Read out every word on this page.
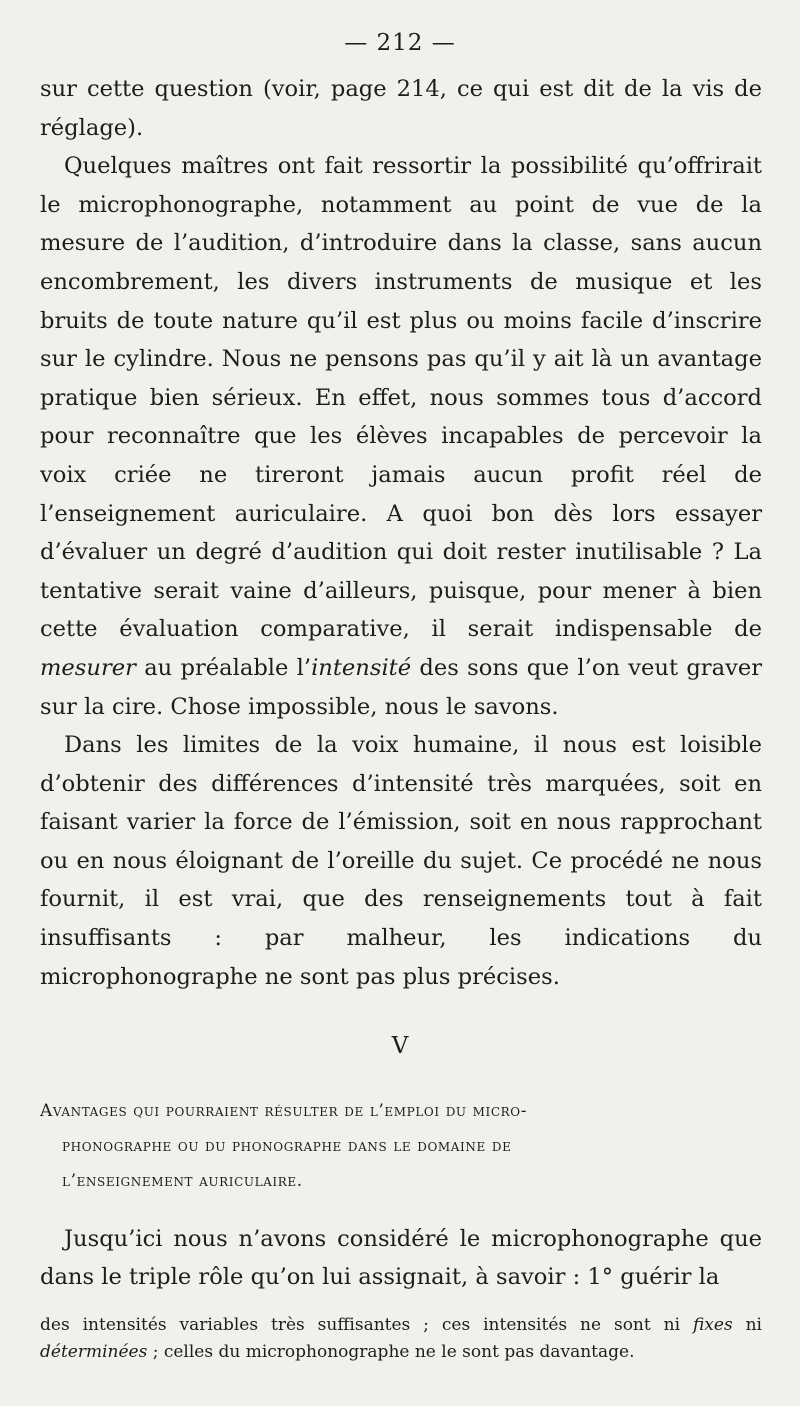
— 212 —

sur cette question (voir, page 214, ce qui est dit de la vis de réglage).

Quelques maîtres ont fait ressortir la possibilité qu’offrirait le microphonographe, notamment au point de vue de la mesure de l’audition, d’introduire dans la classe, sans aucun encombrement, les divers instruments de musique et les bruits de toute nature qu’il est plus ou moins facile d’inscrire sur le cylindre. Nous ne pensons pas qu’il y ait là un avantage pratique bien sérieux. En effet, nous sommes tous d’accord pour reconnaître que les élèves incapables de percevoir la voix criée ne tireront jamais aucun profit réel de l’enseignement auriculaire. A quoi bon dès lors essayer d’évaluer un degré d’audition qui doit rester inutilisable ? La tentative serait vaine d’ailleurs, puisque, pour mener à bien cette évaluation comparative, il serait indispensable de mesurer au préalable l’intensité des sons que l’on veut graver sur la cire. Chose impossible, nous le savons.

Dans les limites de la voix humaine, il nous est loisible d’obtenir des différences d’intensité très marquées, soit en faisant varier la force de l’émission, soit en nous rapprochant ou en nous éloignant de l’oreille du sujet. Ce procédé ne nous fournit, il est vrai, que des renseignements tout à fait insuffisants : par malheur, les indications du microphonographe ne sont pas plus précises.

V
Avantages qui pourraient résulter de l’emploi du micro-
phonographe ou du phonographe dans le domaine de
l’enseignement auriculaire.

Jusqu’ici nous n’avons considéré le microphonographe que dans le triple rôle qu’on lui assignait, à savoir : 1° guérir la

des intensités variables très suffisantes ; ces intensités ne sont ni fixes ni déterminées ; celles du microphonographe ne le sont pas davantage.
